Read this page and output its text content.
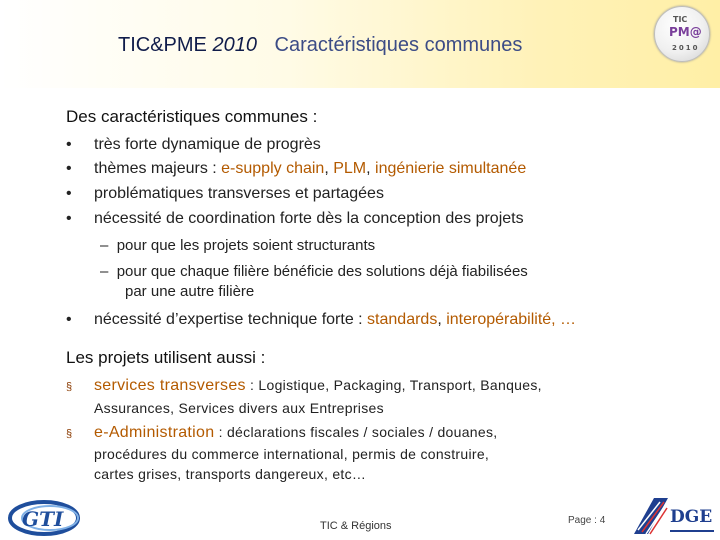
TIC&PME 2010 Caractéristiques communes
TIC
PM@
2010
Des caractéristiques communes :
• très forte dynamique de progrès
• thèmes majeurs : e-supply chain, PLM, ingénierie simultanée
• problématiques transverses et partagées
• nécessité de coordination forte dès la conception des projets
– pour que les projets soient structurants
– pour que chaque filière bénéficie des solutions déjà fiabilisées
par une autre filière
• nécessité d’expertise technique forte : standards, interopérabilité, …
Les projets utilisent aussi :
§ services transverses : Logistique, Packaging, Transport, Banques,
Assurances, Services divers aux Entreprises
§ e-Administration : déclarations fiscales / sociales / douanes,
procédures du commerce international, permis de construire,
cartes grises, transports dangereux, etc…
GTI	TIC & Régions	Page : 4	DGE
